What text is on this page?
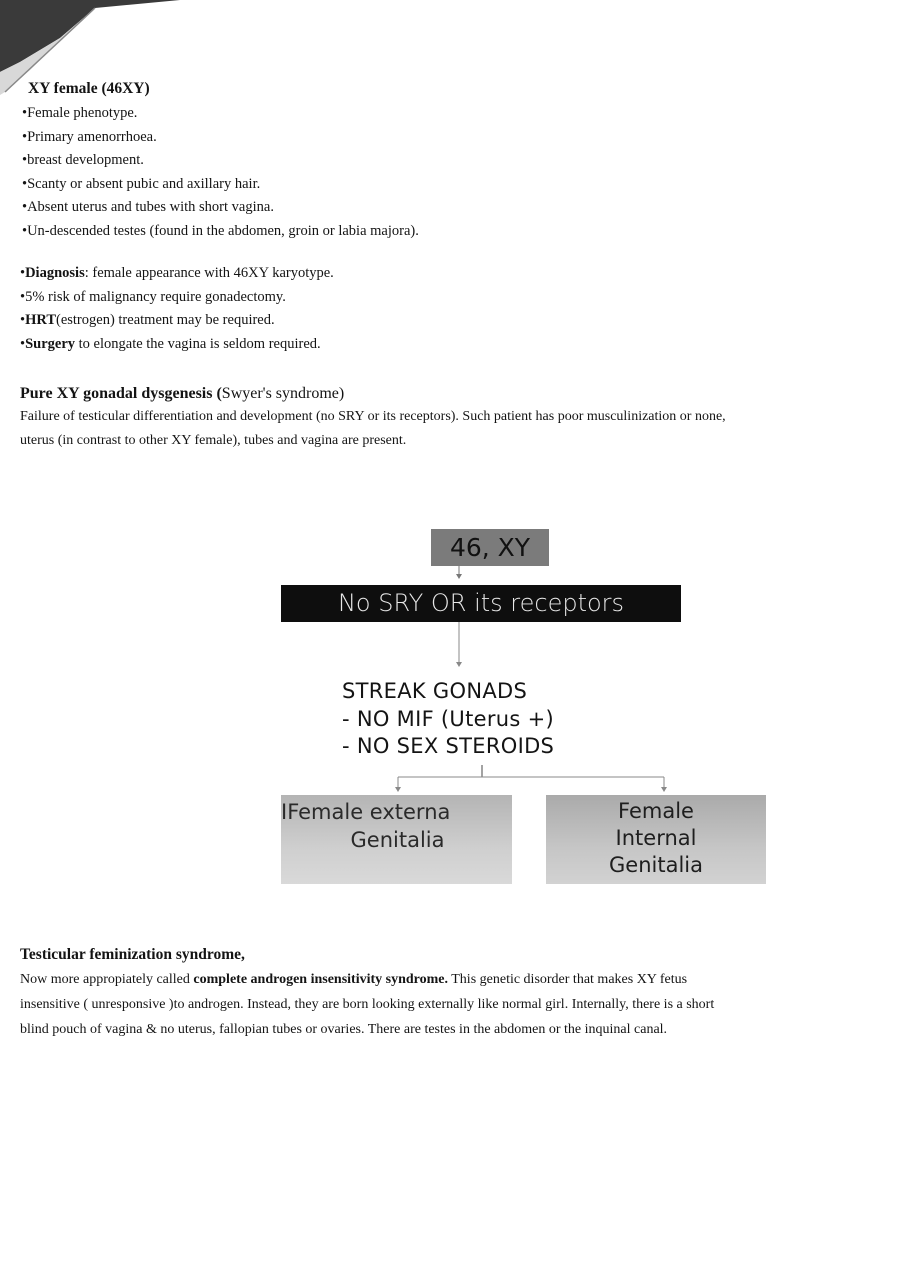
XY female (46XY)
•Female phenotype.
•Primary amenorrhoea.
•breast development.
•Scanty or absent pubic and axillary hair.
•Absent uterus and tubes with short vagina.
•Un-descended testes (found in the abdomen, groin or labia majora).
•Diagnosis: female appearance with 46XY karyotype.
•5% risk of malignancy require gonadectomy.
•HRT(estrogen) treatment may be required.
•Surgery to elongate the vagina is seldom required.
Pure XY gonadal dysgenesis (Swyer's syndrome)
Failure of testicular differentiation and development (no SRY or its receptors). Such patient has poor musculinization or none,
uterus (in contrast to other XY female), tubes and vagina are present.
46, XY
No SRY OR its receptors
STREAK GONADS
- NO MIF (Uterus +)
- NO SEX STEROIDS
IFemale externa
Genitalia
Female
Internal
Genitalia
Testicular feminization syndrome,
Now more appropiately called complete androgen insensitivity syndrome. This genetic disorder that makes XY fetus
insensitive ( unresponsive )to androgen. Instead, they are born looking externally like normal girl. Internally, there is a short
blind pouch of vagina & no uterus, fallopian tubes or ovaries. There are testes in the abdomen or the inquinal canal.
